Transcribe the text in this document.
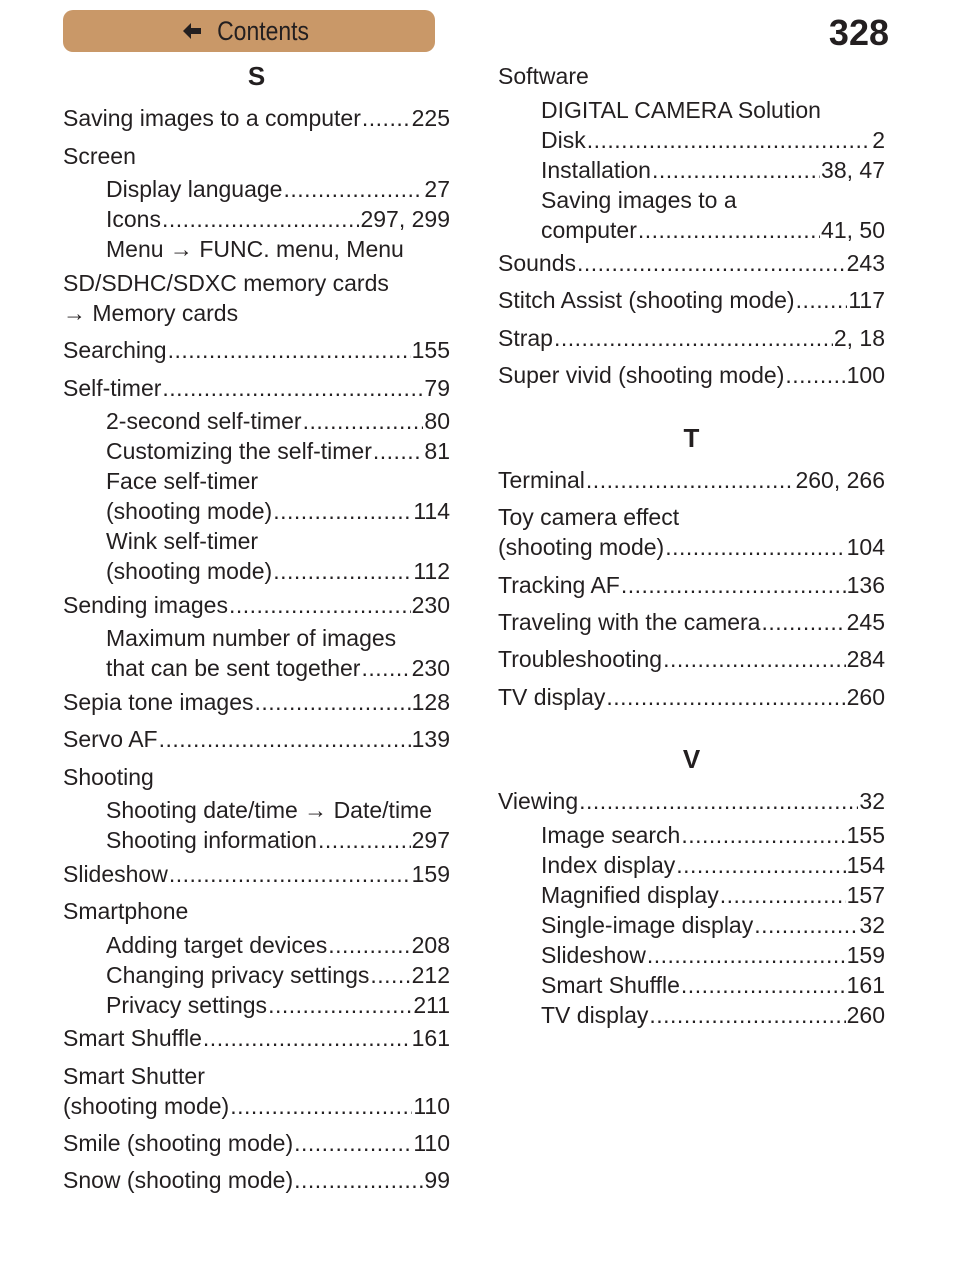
Contents	328
S
Saving images to a computer ..... 225
Screen
Display language .....	27
Icons .....	297, 299
Menu → FUNC. menu, Menu
SD/SDHC/SDXC memory cards
→ Memory cards
Searching .....	155
Self-timer .....	79
2-second self-timer .....	80
Customizing the self-timer ..... 81
Face self-timer
(shooting mode) .....	114
Wink self-timer
(shooting mode) .....	112
Sending images .....	230
Maximum number of images
that can be sent together ..... 230
Sepia tone images .....	128
Servo AF .....	139
Shooting
Shooting date/time → Date/time
Shooting information .....	297
Slideshow .....	159
Smartphone
Adding target devices .....	208
Changing privacy settings ..... 212
Privacy settings .....	211
Smart Shuffle .....	161
Smart Shutter
(shooting mode) .....	110
Smile (shooting mode) .....	110
Snow (shooting mode) .....	99
T
V
Software
DIGITAL CAMERA Solution
Disk .....	2
Installation .....	38, 47
Saving images to a
computer .....	41, 50
Sounds .....	243
Stitch Assist (shooting mode) ..... 117
Strap .....	2, 18
Super vivid (shooting mode) .....	100
Terminal .....	260, 266
Toy camera effect
(shooting mode) .....	104
Tracking AF .....	136
Traveling with the camera .....	245
Troubleshooting .....	284
TV display .....	260
Viewing .....	32
Image search .....	155
Index display .....	154
Magnified display .....	157
Single-image display .....	32
Slideshow .....	159
Smart Shuffle .....	161
TV display .....	260
